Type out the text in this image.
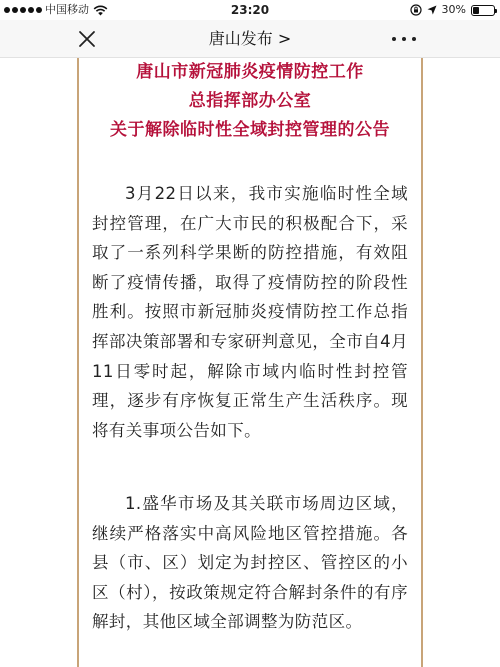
中国移动	23:20	30%
唐山发布 >
唐山市新冠肺炎疫情防控工作
总指挥部办公室
关于解除临时性全域封控管理的公告

3月22日以来，我市实施临时性全域封控管理，在广大市民的积极配合下，采取了一系列科学果断的防控措施，有效阻断了疫情传播，取得了疫情防控的阶段性胜利。按照市新冠肺炎疫情防控工作总指挥部决策部署和专家研判意见，全市自4月11日零时起，解除市域内临时性封控管理，逐步有序恢复正常生产生活秩序。现将有关事项公告如下。

1.盛华市场及其关联市场周边区域，继续严格落实中高风险地区管控措施。各县（市、区）划定为封控区、管控区的小区（村），按政策规定符合解封条件的有序解封，其他区域全部调整为防范区。
